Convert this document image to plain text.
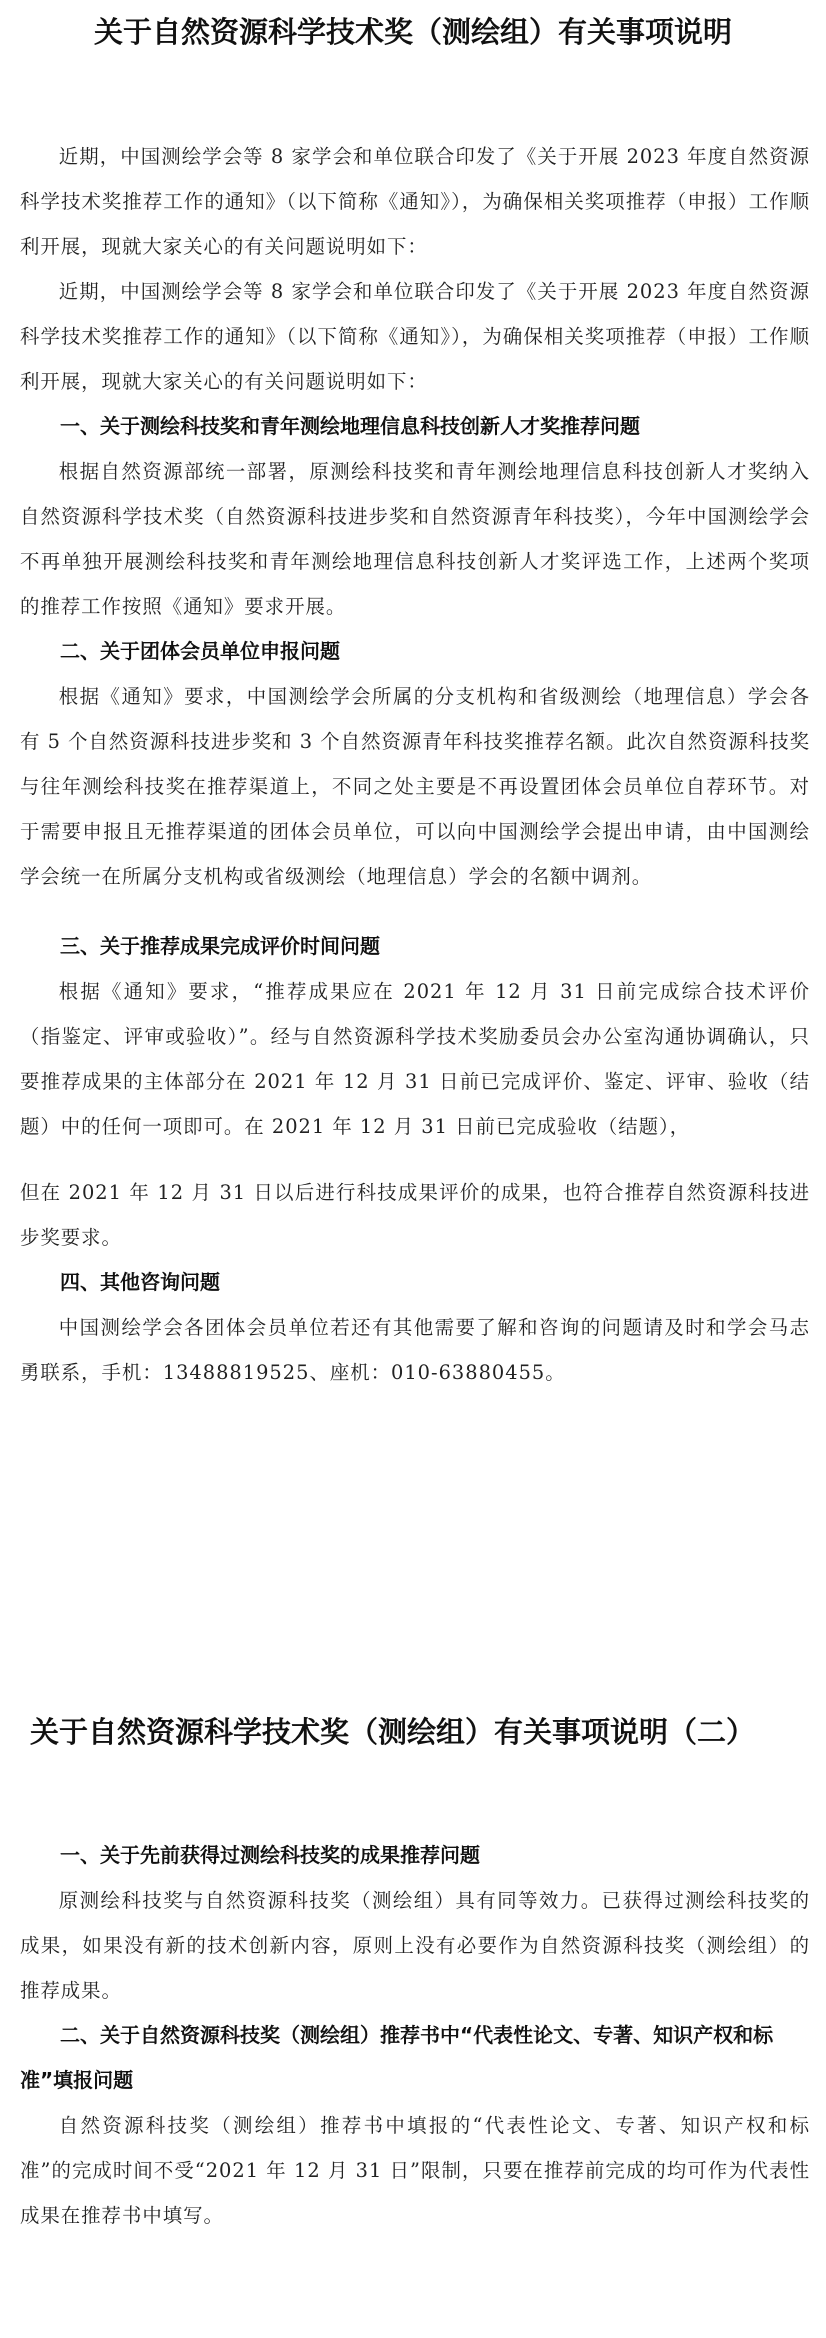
关于自然资源科学技术奖（测绘组）有关事项说明

近期，中国测绘学会等 8 家学会和单位联合印发了《关于开展 2023 年度自然资源科学技术奖推荐工作的通知》（以下简称《通知》），为确保相关奖项推荐（申报）工作顺利开展，现就大家关心的有关问题说明如下：

近期，中国测绘学会等 8 家学会和单位联合印发了《关于开展 2023 年度自然资源科学技术奖推荐工作的通知》（以下简称《通知》），为确保相关奖项推荐（申报）工作顺利开展，现就大家关心的有关问题说明如下：

一、关于测绘科技奖和青年测绘地理信息科技创新人才奖推荐问题

根据自然资源部统一部署，原测绘科技奖和青年测绘地理信息科技创新人才奖纳入自然资源科学技术奖（自然资源科技进步奖和自然资源青年科技奖），今年中国测绘学会不再单独开展测绘科技奖和青年测绘地理信息科技创新人才奖评选工作，上述两个奖项的推荐工作按照《通知》要求开展。

二、关于团体会员单位申报问题

根据《通知》要求，中国测绘学会所属的分支机构和省级测绘（地理信息）学会各有 5 个自然资源科技进步奖和 3 个自然资源青年科技奖推荐名额。此次自然资源科技奖与往年测绘科技奖在推荐渠道上，不同之处主要是不再设置团体会员单位自荐环节。对于需要申报且无推荐渠道的团体会员单位，可以向中国测绘学会提出申请，由中国测绘学会统一在所属分支机构或省级测绘（地理信息）学会的名额中调剂。

三、关于推荐成果完成评价时间问题

根据《通知》要求，“推荐成果应在 2021 年 12 月 31 日前完成综合技术评价（指鉴定、评审或验收）”。经与自然资源科学技术奖励委员会办公室沟通协调确认，只要推荐成果的主体部分在 2021 年 12 月 31 日前已完成评价、鉴定、评审、验收（结题）中的任何一项即可。在 2021 年 12 月 31 日前已完成验收（结题），

但在 2021 年 12 月 31 日以后进行科技成果评价的成果，也符合推荐自然资源科技进步奖要求。

四、其他咨询问题

中国测绘学会各团体会员单位若还有其他需要了解和咨询的问题请及时和学会马志勇联系，手机：13488819525、座机：010-63880455。

关于自然资源科学技术奖（测绘组）有关事项说明（二）
一、关于先前获得过测绘科技奖的成果推荐问题

原测绘科技奖与自然资源科技奖（测绘组）具有同等效力。已获得过测绘科技奖的成果，如果没有新的技术创新内容，原则上没有必要作为自然资源科技奖（测绘组）的推荐成果。

二、关于自然资源科技奖（测绘组）推荐书中“代表性论文、专著、知识产权和标准”填报问题

自然资源科技奖（测绘组）推荐书中填报的“代表性论文、专著、知识产权和标准”的完成时间不受“2021 年 12 月 31 日”限制，只要在推荐前完成的均可作为代表性成果在推荐书中填写。
